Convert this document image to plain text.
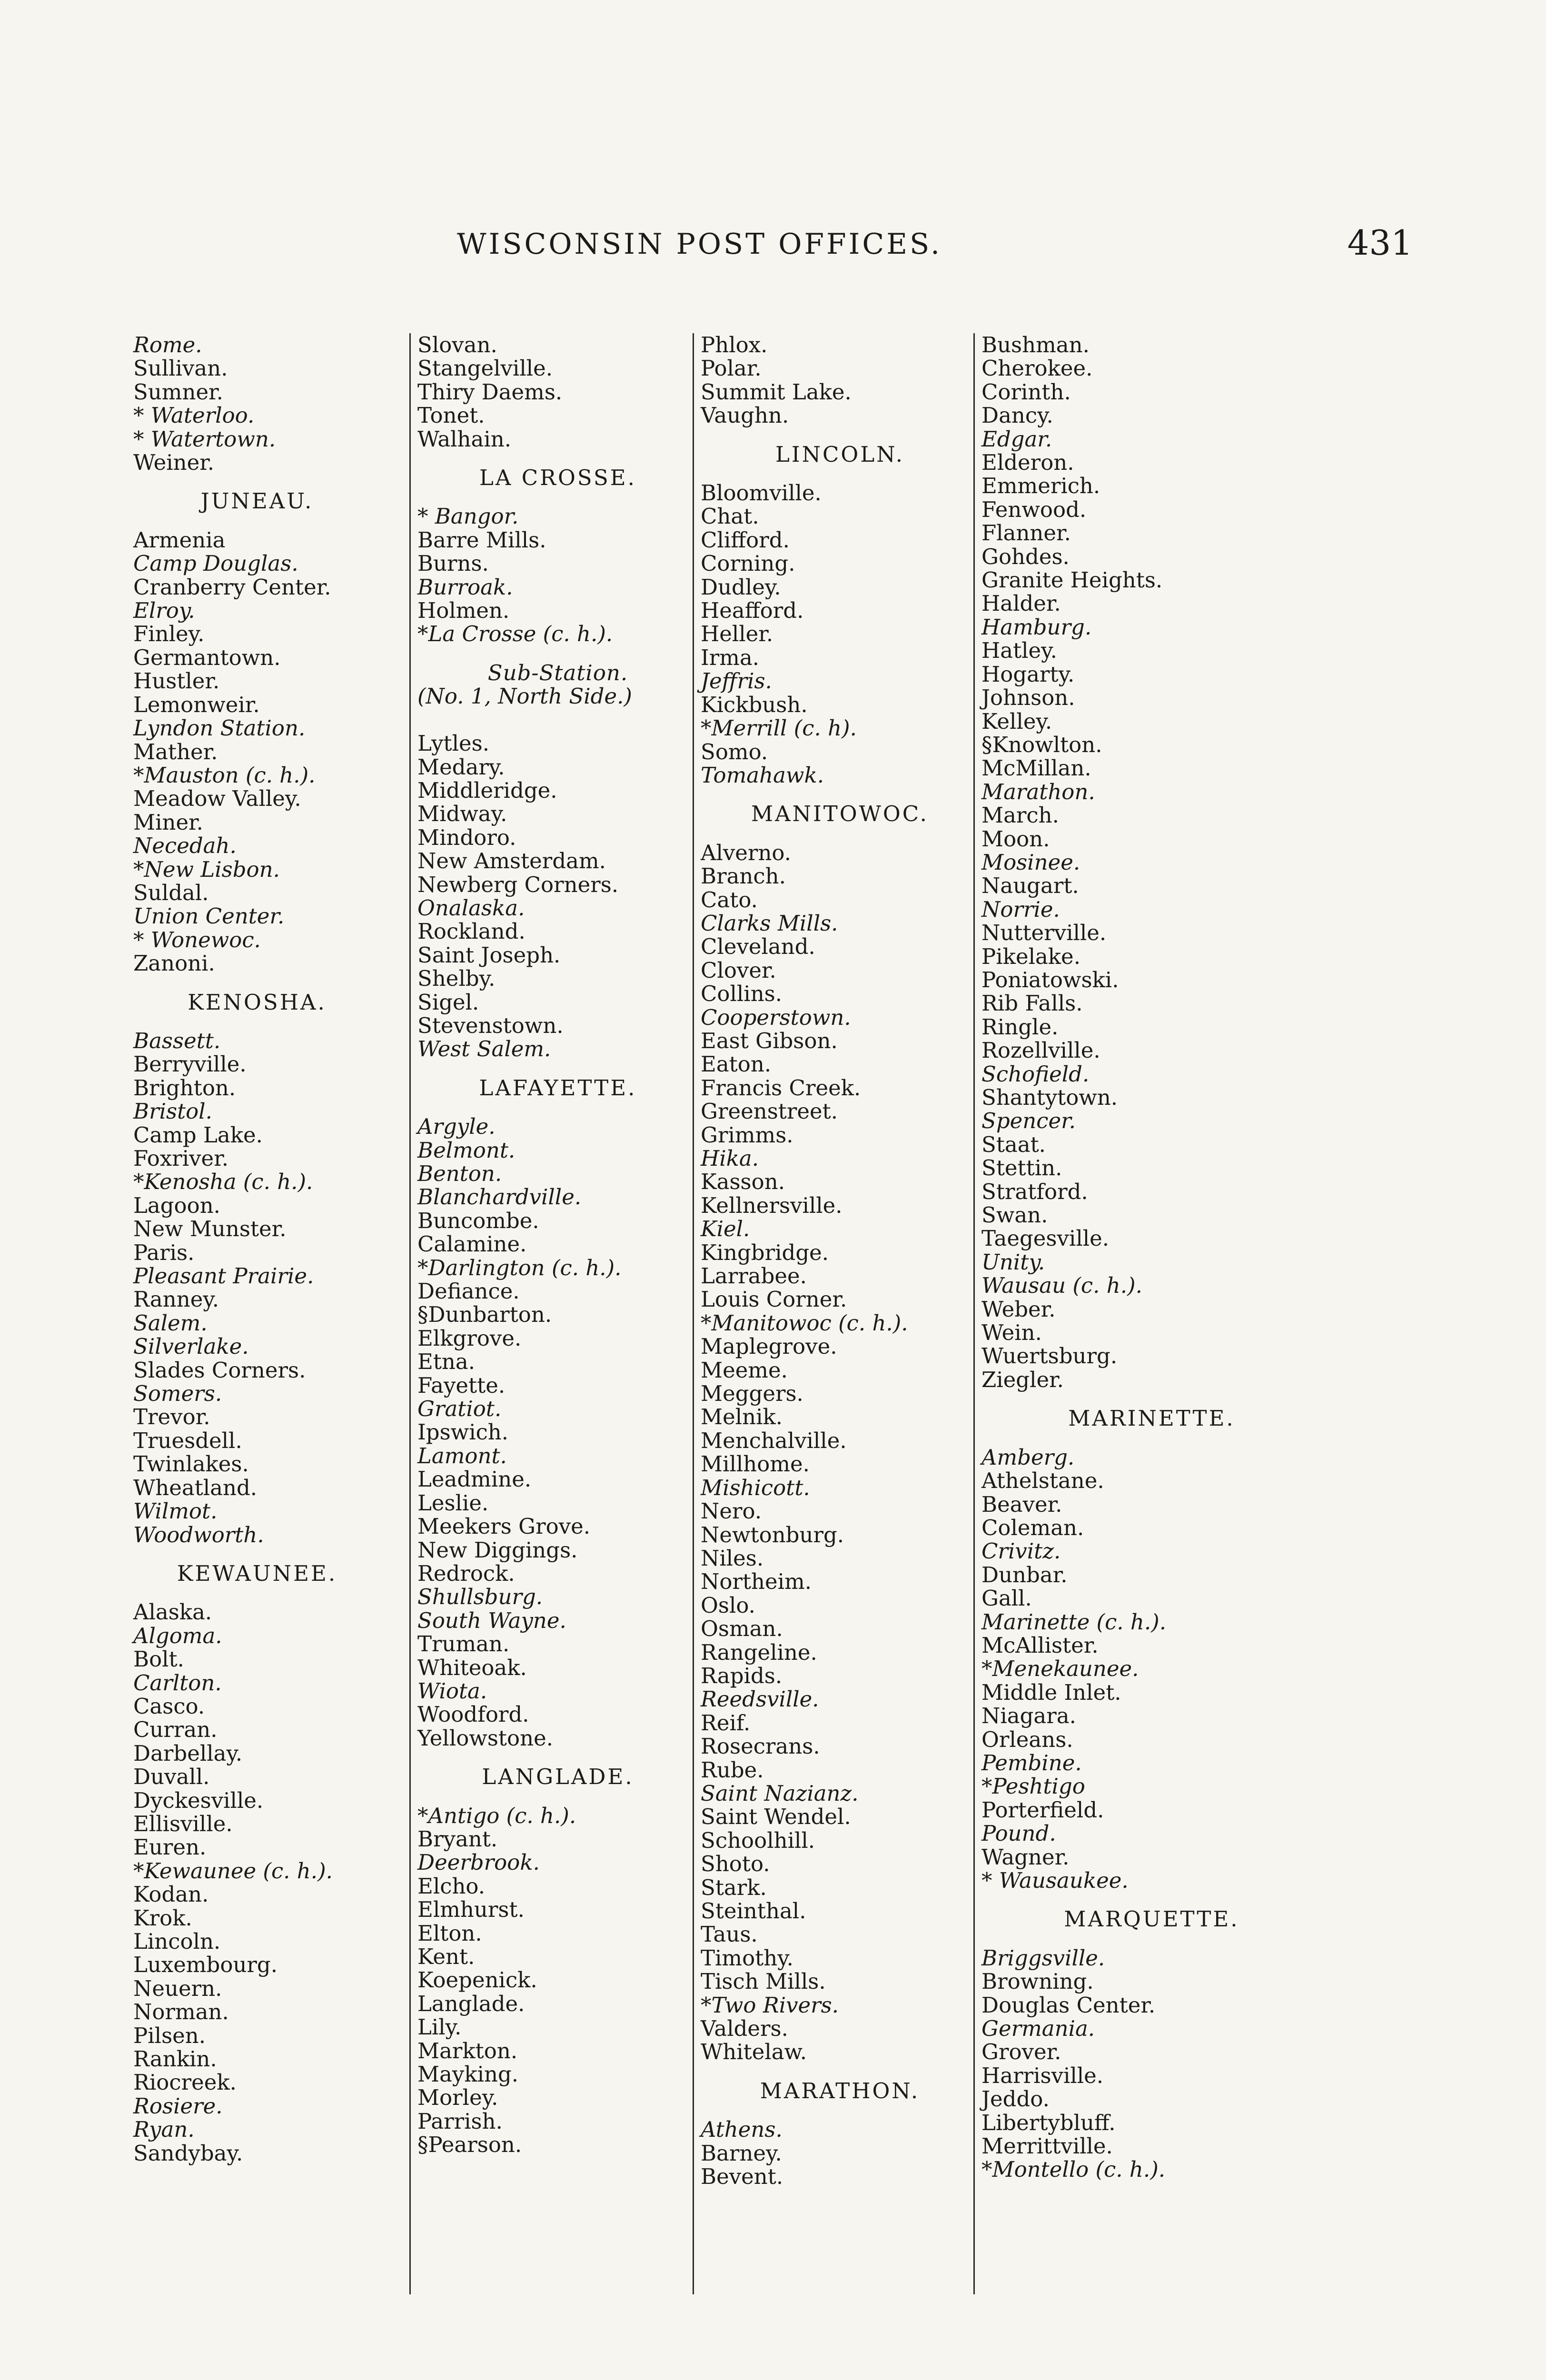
WISCONSIN POST OFFICES.	431
Rome.
Sullivan.
Sumner.
* Waterloo.
* Watertown.
Weiner.
JUNEAU.
Armenia
Camp Douglas.
Cranberry Center.
Elroy.
Finley.
Germantown.
Hustler.
Lemonweir.
Lyndon Station.
Mather.
*Mauston (c. h.).
Meadow Valley.
Miner.
Necedah.
*New Lisbon.
Suldal.
Union Center.
* Wonewoc.
Zanoni.
KENOSHA.
Bassett.
Berryville.
Brighton.
Bristol.
Camp Lake.
Foxriver.
*Kenosha (c. h.).
Lagoon.
New Munster.
Paris.
Pleasant Prairie.
Ranney.
Salem.
Silverlake.
Slades Corners.
Somers.
Trevor.
Truesdell.
Twinlakes.
Wheatland.
Wilmot.
Woodworth.
KEWAUNEE.
Alaska.
Algoma.
Bolt.
Carlton.
Casco.
Curran.
Darbellay.
Duvall.
Dyckesville.
Ellisville.
Euren.
*Kewaunee (c. h.).
Kodan.
Krok.
Lincoln.
Luxembourg.
Neuern.
Norman.
Pilsen.
Rankin.
Riocreek.
Rosiere.
Ryan.
Sandybay.
Slovan.
Stangelville.
Thiry Daems.
Tonet.
Walhain.
LA CROSSE.
* Bangor.
Barre Mills.
Burns.
Burroak.
Holmen.
*La Crosse (c. h.).
Sub-Station.
(No. 1, North Side.)

Lytles.
Medary.
Middleridge.
Midway.
Mindoro.
New Amsterdam.
Newberg Corners.
Onalaska.
Rockland.
Saint Joseph.
Shelby.
Sigel.
Stevenstown.
West Salem.
LAFAYETTE.
Argyle.
Belmont.
Benton.
Blanchardville.
Buncombe.
Calamine.
*Darlington (c. h.).
Defiance.
§Dunbarton.
Elkgrove.
Etna.
Fayette.
Gratiot.
Ipswich.
Lamont.
Leadmine.
Leslie.
Meekers Grove.
New Diggings.
Redrock.
Shullsburg.
South Wayne.
Truman.
Whiteoak.
Wiota.
Woodford.
Yellowstone.
LANGLADE.
*Antigo (c. h.).
Bryant.
Deerbrook.
Elcho.
Elmhurst.
Elton.
Kent.
Koepenick.
Langlade.
Lily.
Markton.
Mayking.
Morley.
Parrish.
§Pearson.
Phlox.
Polar.
Summit Lake.
Vaughn.
LINCOLN.
Bloomville.
Chat.
Clifford.
Corning.
Dudley.
Heafford.
Heller.
Irma.
Jeffris.
Kickbush.
*Merrill (c. h).
Somo.
Tomahawk.
MANITOWOC.
Alverno.
Branch.
Cato.
Clarks Mills.
Cleveland.
Clover.
Collins.
Cooperstown.
East Gibson.
Eaton.
Francis Creek.
Greenstreet.
Grimms.
Hika.
Kasson.
Kellnersville.
Kiel.
Kingbridge.
Larrabee.
Louis Corner.
*Manitowoc (c. h.).
Maplegrove.
Meeme.
Meggers.
Melnik.
Menchalville.
Millhome.
Mishicott.
Nero.
Newtonburg.
Niles.
Northeim.
Oslo.
Osman.
Rangeline.
Rapids.
Reedsville.
Reif.
Rosecrans.
Rube.
Saint Nazianz.
Saint Wendel.
Schoolhill.
Shoto.
Stark.
Steinthal.
Taus.
Timothy.
Tisch Mills.
*Two Rivers.
Valders.
Whitelaw.
MARATHON.
Athens.
Barney.
Bevent.
Bushman.
Cherokee.
Corinth.
Dancy.
Edgar.
Elderon.
Emmerich.
Fenwood.
Flanner.
Gohdes.
Granite Heights.
Halder.
Hamburg.
Hatley.
Hogarty.
Johnson.
Kelley.
§Knowlton.
McMillan.
Marathon.
March.
Moon.
Mosinee.
Naugart.
Norrie.
Nutterville.
Pikelake.
Poniatowski.
Rib Falls.
Ringle.
Rozellville.
Schofield.
Shantytown.
Spencer.
Staat.
Stettin.
Stratford.
Swan.
Taegesville.
Unity.
Wausau (c. h.).
Weber.
Wein.
Wuertsburg.
Ziegler.
MARINETTE.
Amberg.
Athelstane.
Beaver.
Coleman.
Crivitz.
Dunbar.
Gall.
Marinette (c. h.).
McAllister.
*Menekaunee.
Middle Inlet.
Niagara.
Orleans.
Pembine.
*Peshtigo
Porterfield.
Pound.
Wagner.
* Wausaukee.
MARQUETTE.
Briggsville.
Browning.
Douglas Center.
Germania.
Grover.
Harrisville.
Jeddo.
Libertybluff.
Merrittville.
*Montello (c. h.).
